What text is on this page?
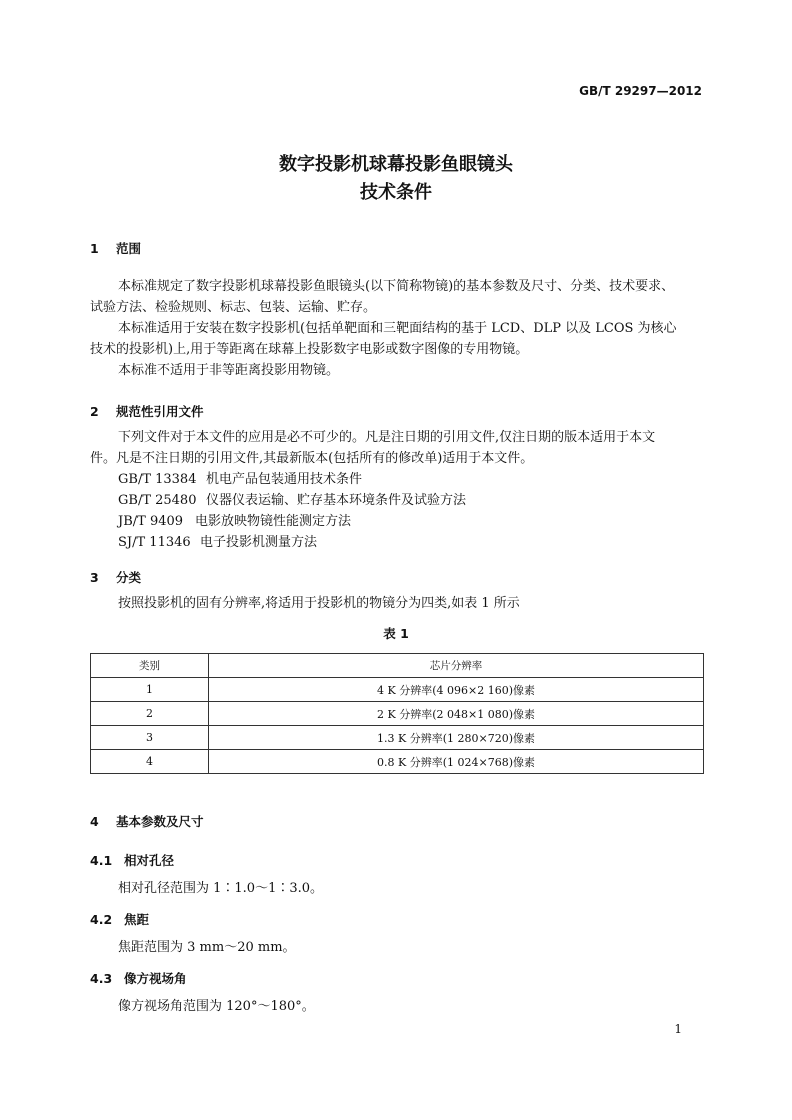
GB/T 29297—2012
数字投影机球幕投影鱼眼镜头
技术条件
1 范围
本标准规定了数字投影机球幕投影鱼眼镜头(以下简称物镜)的基本参数及尺寸、分类、技术要求、
试验方法、检验规则、标志、包装、运输、贮存。
本标准适用于安装在数字投影机(包括单靶面和三靶面结构的基于 LCD、DLP 以及 LCOS 为核心
技术的投影机)上,用于等距离在球幕上投影数字电影或数字图像的专用物镜。
本标准不适用于非等距离投影用物镜。
2 规范性引用文件
下列文件对于本文件的应用是必不可少的。凡是注日期的引用文件,仅注日期的版本适用于本文
件。凡是不注日期的引用文件,其最新版本(包括所有的修改单)适用于本文件。
GB/T 13384 机电产品包装通用技术条件
GB/T 25480 仪器仪表运输、贮存基本环境条件及试验方法
JB/T 9409 电影放映物镜性能测定方法
SJ/T 11346 电子投影机测量方法
3 分类
按照投影机的固有分辨率,将适用于投影机的物镜分为四类,如表 1 所示
表 1
类别	芯片分辨率
1	4 K 分辨率(4 096×2 160)像素
2	2 K 分辨率(2 048×1 080)像素
3	1.3 K 分辨率(1 280×720)像素
4	0.8 K 分辨率(1 024×768)像素
4 基本参数及尺寸
4.1 相对孔径
相对孔径范围为 1∶1.0～1∶3.0。
4.2 焦距
焦距范围为 3 mm～20 mm。
4.3 像方视场角
像方视场角范围为 120°～180°。
1
